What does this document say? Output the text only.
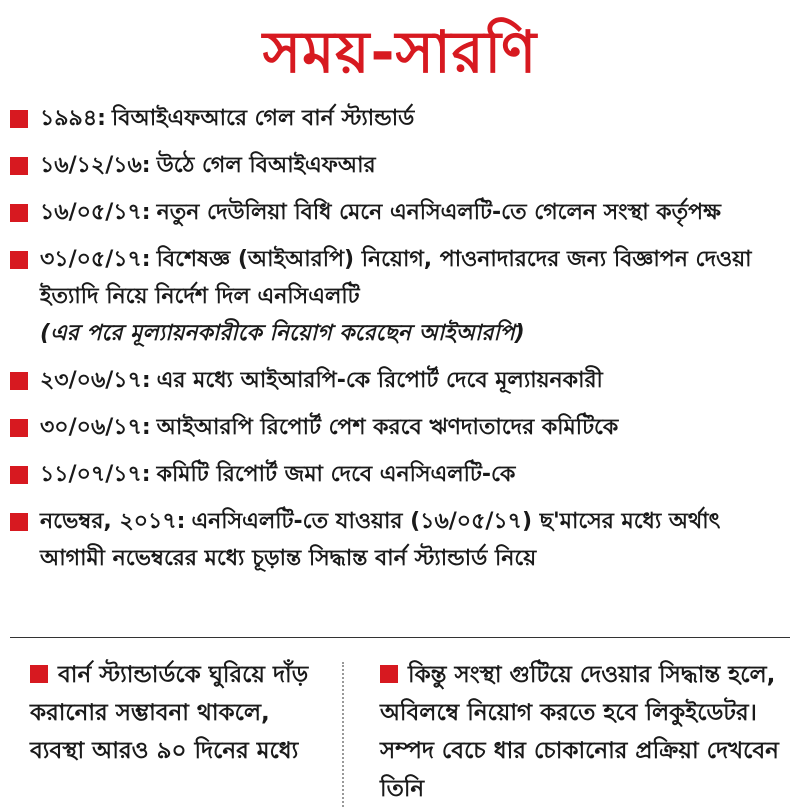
সময়-সারণি
১৯৯৪: বিআইএফআরে গেল বার্ন স্ট্যান্ডার্ড
১৬/১২/১৬: উঠে গেল বিআইএফআর
১৬/০৫/১৭: নতুন দেউলিয়া বিধি মেনে এনসিএলটি-তে গেলেন সংস্থা কর্তৃপক্ষ
৩১/০৫/১৭: বিশেষজ্ঞ (আইআরপি) নিয়োগ, পাওনাদারদের জন্য বিজ্ঞাপন দেওয়া ইত্যাদি নিয়ে নির্দেশ দিল এনসিএলটি
(এর পরে মূল্যায়নকারীকে নিয়োগ করেছেন আইআরপি)
২৩/০৬/১৭: এর মধ্যে আইআরপি-কে রিপোর্ট দেবে মূল্যায়নকারী
৩০/০৬/১৭: আইআরপি রিপোর্ট পেশ করবে ঋণদাতাদের কমিটিকে
১১/০৭/১৭: কমিটি রিপোর্ট জমা দেবে এনসিএলটি-কে
নভেম্বর, ২০১৭: এনসিএলটি-তে যাওয়ার (১৬/০৫/১৭) ছ'মাসের মধ্যে অর্থাৎ আগামী নভেম্বরের মধ্যে চূড়ান্ত সিদ্ধান্ত বার্ন স্ট্যান্ডার্ড নিয়ে
বার্ন স্ট্যান্ডার্ডকে ঘুরিয়ে দাঁড় করানোর সম্ভাবনা থাকলে, ব্যবস্থা আরও ৯০ দিনের মধ্যে
কিন্তু সংস্থা গুটিয়ে দেওয়ার সিদ্ধান্ত হলে, অবিলম্বে নিয়োগ করতে হবে লিকুইডেটর। সম্পদ বেচে ধার চোকানোর প্রক্রিয়া দেখবেন তিনি
